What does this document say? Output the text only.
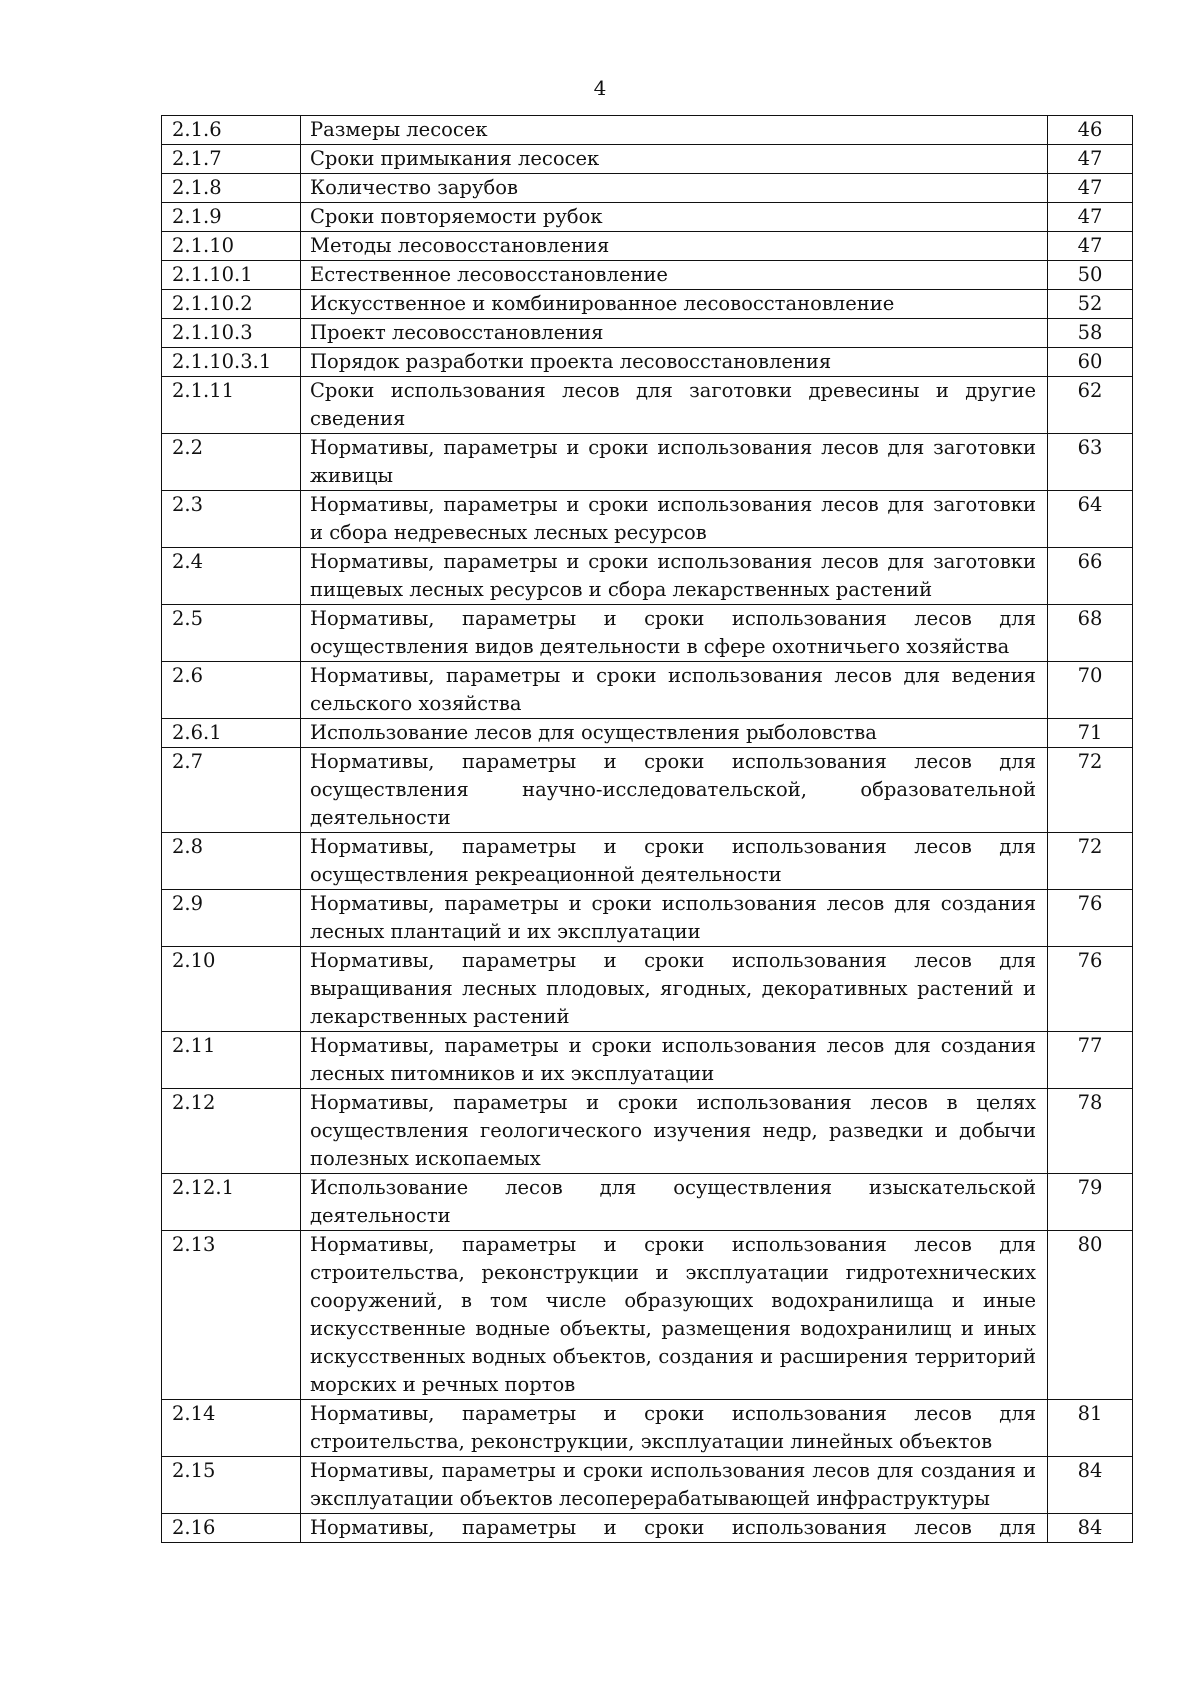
4
2.1.6	Размеры лесосек	46
2.1.7	Сроки примыкания лесосек	47
2.1.8	Количество зарубов	47
2.1.9	Сроки повторяемости рубок	47
2.1.10	Методы лесовосстановления	47
2.1.10.1	Естественное лесовосстановление	50
2.1.10.2	Искусственное и комбинированное лесовосстановление	52
2.1.10.3	Проект лесовосстановления	58
2.1.10.3.1	Порядок разработки проекта лесовосстановления	60
2.1.11	Сроки использования лесов для заготовки древесины и другие сведения	62
2.2	Нормативы, параметры и сроки использования лесов для заготовки живицы	63
2.3	Нормативы, параметры и сроки использования лесов для заготовки и сбора недревесных лесных ресурсов	64
2.4	Нормативы, параметры и сроки использования лесов для заготовки пищевых лесных ресурсов и сбора лекарственных растений	66
2.5	Нормативы, параметры и сроки использования лесов для осуществления видов деятельности в сфере охотничьего хозяйства	68
2.6	Нормативы, параметры и сроки использования лесов для ведения сельского хозяйства	70
2.6.1	Использование лесов для осуществления рыболовства	71
2.7	Нормативы, параметры и сроки использования лесов для осуществления научно-исследовательской, образовательной деятельности	72
2.8	Нормативы, параметры и сроки использования лесов для осуществления рекреационной деятельности	72
2.9	Нормативы, параметры и сроки использования лесов для создания лесных плантаций и их эксплуатации	76
2.10	Нормативы, параметры и сроки использования лесов для выращивания лесных плодовых, ягодных, декоративных растений и лекарственных растений	76
2.11	Нормативы, параметры и сроки использования лесов для создания лесных питомников и их эксплуатации	77
2.12	Нормативы, параметры и сроки использования лесов в целях осуществления геологического изучения недр, разведки и добычи полезных ископаемых	78
2.12.1	Использование лесов для осуществления изыскательской деятельности	79
2.13	Нормативы, параметры и сроки использования лесов для строительства, реконструкции и эксплуатации гидротехнических сооружений, в том числе образующих водохранилища и иные искусственные водные объекты, размещения водохранилищ и иных искусственных водных объектов, создания и расширения территорий морских и речных портов	80
2.14	Нормативы, параметры и сроки использования лесов для строительства, реконструкции, эксплуатации линейных объектов	81
2.15	Нормативы, параметры и сроки использования лесов для создания и эксплуатации объектов лесоперерабатывающей инфраструктуры	84
2.16	Нормативы, параметры и сроки использования лесов для	84
